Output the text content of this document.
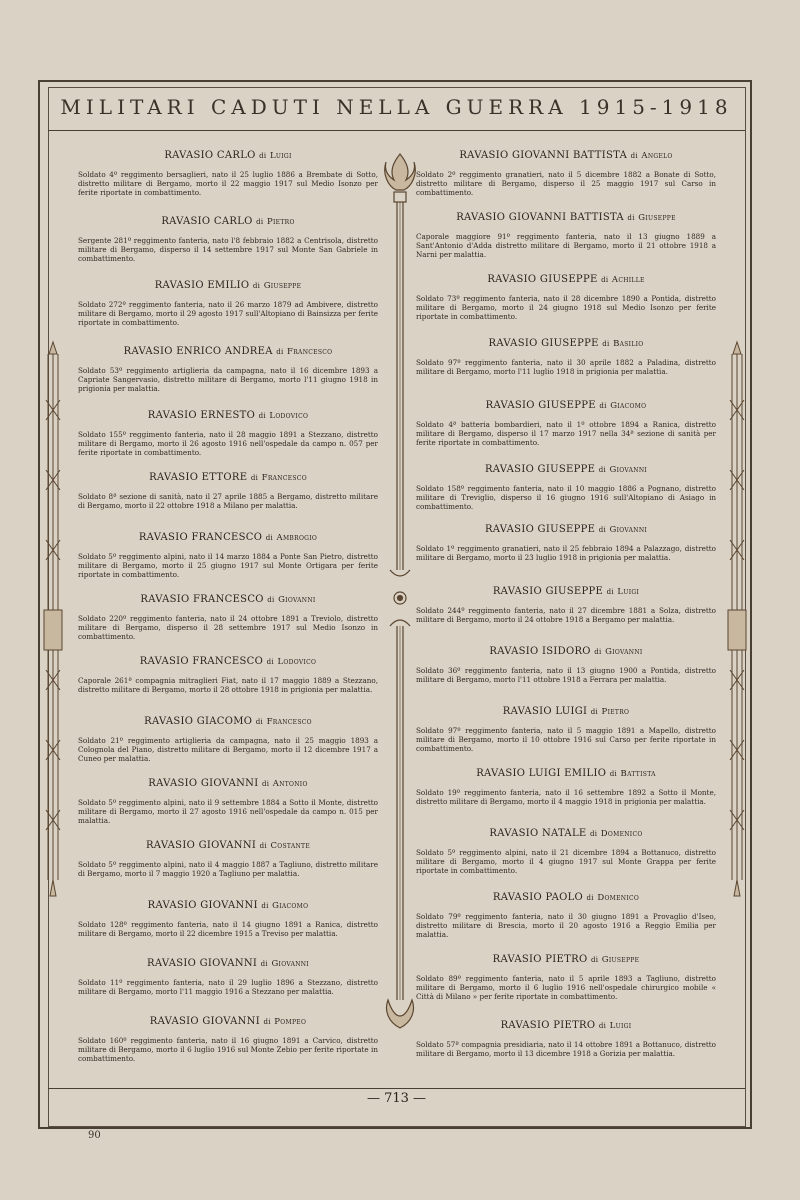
MILITARI CADUTI NELLA GUERRA 1915-1918
RAVASIO CARLO di Luigi
Soldato 4º reggimento bersaglieri, nato il 25 luglio 1886 a Brembate di Sotto, distretto militare di Bergamo, morto il 22 maggio 1917 sul Medio Isonzo per ferite riportate in combattimento.
RAVASIO CARLO di Pietro
Sergente 281º reggimento fanteria, nato l'8 febbraio 1882 a Centrisola, distretto militare di Bergamo, disperso il 14 settembre 1917 sul Monte San Gabriele in combattimento.
RAVASIO EMILIO di Giuseppe
Soldato 272º reggimento fanteria, nato il 26 marzo 1879 ad Ambivere, distretto militare di Bergamo, morto il 29 agosto 1917 sull'Altopiano di Bainsizza per ferite riportate in combattimento.
RAVASIO ENRICO ANDREA di Francesco
Soldato 53º reggimento artiglieria da campagna, nato il 16 dicembre 1893 a Capriate Sangervasio, distretto militare di Bergamo, morto l'11 giugno 1918 in prigionia per malattia.
RAVASIO ERNESTO di Lodovico
Soldato 155º reggimento fanteria, nato il 28 maggio 1891 a Stezzano, distretto militare di Bergamo, morto il 26 agosto 1916 nell'ospedale da campo n. 057 per ferite riportate in combattimento.
RAVASIO ETTORE di Francesco
Soldato 8ª sezione di sanità, nato il 27 aprile 1885 a Bergamo, distretto militare di Bergamo, morto il 22 ottobre 1918 a Milano per malattia.
RAVASIO FRANCESCO di Ambrogio
Soldato 5º reggimento alpini, nato il 14 marzo 1884 a Ponte San Pietro, distretto militare di Bergamo, morto il 25 giugno 1917 sul Monte Ortigara per ferite riportate in combattimento.
RAVASIO FRANCESCO di Giovanni
Soldato 220º reggimento fanteria, nato il 24 ottobre 1891 a Treviolo, distretto militare di Bergamo, disperso il 28 settembre 1917 sul Medio Isonzo in combattimento.
RAVASIO FRANCESCO di Lodovico
Caporale 261ª compagnia mitraglieri Fiat, nato il 17 maggio 1889 a Stezzano, distretto militare di Bergamo, morto il 28 ottobre 1918 in prigionia per malattia.
RAVASIO GIACOMO di Francesco
Soldato 21º reggimento artiglieria da campagna, nato il 25 maggio 1893 a Colognola del Piano, distretto militare di Bergamo, morto il 12 dicembre 1917 a Cuneo per malattia.
RAVASIO GIOVANNI di Antonio
Soldato 5º reggimento alpini, nato il 9 settembre 1884 a Sotto il Monte, distretto militare di Bergamo, morto il 27 agosto 1916 nell'ospedale da campo n. 015 per malattia.
RAVASIO GIOVANNI di Costante
Soldato 5º reggimento alpini, nato il 4 maggio 1887 a Tagliuno, distretto militare di Bergamo, morto il 7 maggio 1920 a Tagliuno per malattia.
RAVASIO GIOVANNI di Giacomo
Soldato 128º reggimento fanteria, nato il 14 giugno 1891 a Ranica, distretto militare di Bergamo, morto il 22 dicembre 1915 a Treviso per malattia.
RAVASIO GIOVANNI di Giovanni
Soldato 11º reggimento fanteria, nato il 29 luglio 1896 a Stezzano, distretto militare di Bergamo, morto l'11 maggio 1916 a Stezzano per malattia.
RAVASIO GIOVANNI di Pompeo
Soldato 160º reggimento fanteria, nato il 16 giugno 1891 a Carvico, distretto militare di Bergamo, morto il 6 luglio 1916 sul Monte Zebio per ferite riportate in combattimento.
RAVASIO GIOVANNI BATTISTA di Angelo
Soldato 2º reggimento granatieri, nato il 5 dicembre 1882 a Bonate di Sotto, distretto militare di Bergamo, disperso il 25 maggio 1917 sul Carso in combattimento.
RAVASIO GIOVANNI BATTISTA di Giuseppe
Caporale maggiore 91º reggimento fanteria, nato il 13 giugno 1889 a Sant'Antonio d'Adda distretto militare di Bergamo, morto il 21 ottobre 1918 a Narni per malattia.
RAVASIO GIUSEPPE di Achille
Soldato 73º reggimento fanteria, nato il 28 dicembre 1890 a Pontida, distretto militare di Bergamo, morto il 24 giugno 1918 sul Medio Isonzo per ferite riportate in combattimento.
RAVASIO GIUSEPPE di Basilio
Soldato 97º reggimento fanteria, nato il 30 aprile 1882 a Paladina, distretto militare di Bergamo, morto l'11 luglio 1918 in prigionia per malattia.
RAVASIO GIUSEPPE di Giacomo
Soldato 4ª batteria bombardieri, nato il 1º ottobre 1894 a Ranica, distretto militare di Bergamo, disperso il 17 marzo 1917 nella 34ª sezione di sanità per ferite riportate in combattimento.
RAVASIO GIUSEPPE di Giovanni
Soldato 158º reggimento fanteria, nato il 10 maggio 1886 a Pognano, distretto militare di Treviglio, disperso il 16 giugno 1916 sull'Altopiano di Asiago in combattimento.
RAVASIO GIUSEPPE di Giovanni
Soldato 1º reggimento granatieri, nato il 25 febbraio 1894 a Palazzago, distretto militare di Bergamo, morto il 23 luglio 1918 in prigionia per malattia.
RAVASIO GIUSEPPE di Luigi
Soldato 244º reggimento fanteria, nato il 27 dicembre 1881 a Solza, distretto militare di Bergamo, morto il 24 ottobre 1918 a Bergamo per malattia.
RAVASIO ISIDORO di Giovanni
Soldato 36º reggimento fanteria, nato il 13 giugno 1900 a Pontida, distretto militare di Bergamo, morto l'11 ottobre 1918 a Ferrara per malattia.
RAVASIO LUIGI di Pietro
Soldato 97º reggimento fanteria, nato il 5 maggio 1891 a Mapello, distretto militare di Bergamo, morto il 10 ottobre 1916 sul Carso per ferite riportate in combattimento.
RAVASIO LUIGI EMILIO di Battista
Soldato 19º reggimento fanteria, nato il 16 settembre 1892 a Sotto il Monte, distretto militare di Bergamo, morto il 4 maggio 1918 in prigionia per malattia.
RAVASIO NATALE di Domenico
Soldato 5º reggimento alpini, nato il 21 dicembre 1894 a Bottanuco, distretto militare di Bergamo, morto il 4 giugno 1917 sul Monte Grappa per ferite riportate in combattimento.
RAVASIO PAOLO di Domenico
Soldato 79º reggimento fanteria, nato il 30 giugno 1891 a Provaglio d'Iseo, distretto militare di Brescia, morto il 20 agosto 1916 a Reggio Emilia per malattia.
RAVASIO PIETRO di Giuseppe
Soldato 89º reggimento fanteria, nato il 5 aprile 1893 a Tagliuno, distretto militare di Bergamo, morto il 6 luglio 1916 nell'ospedale chirurgico mobile « Città di Milano » per ferite riportate in combattimento.
RAVASIO PIETRO di Luigi
Soldato 57ª compagnia presidiaria, nato il 14 ottobre 1891 a Bottanuco, distretto militare di Bergamo, morto il 13 dicembre 1918 a Gorizia per malattia.
— 713 —
90
